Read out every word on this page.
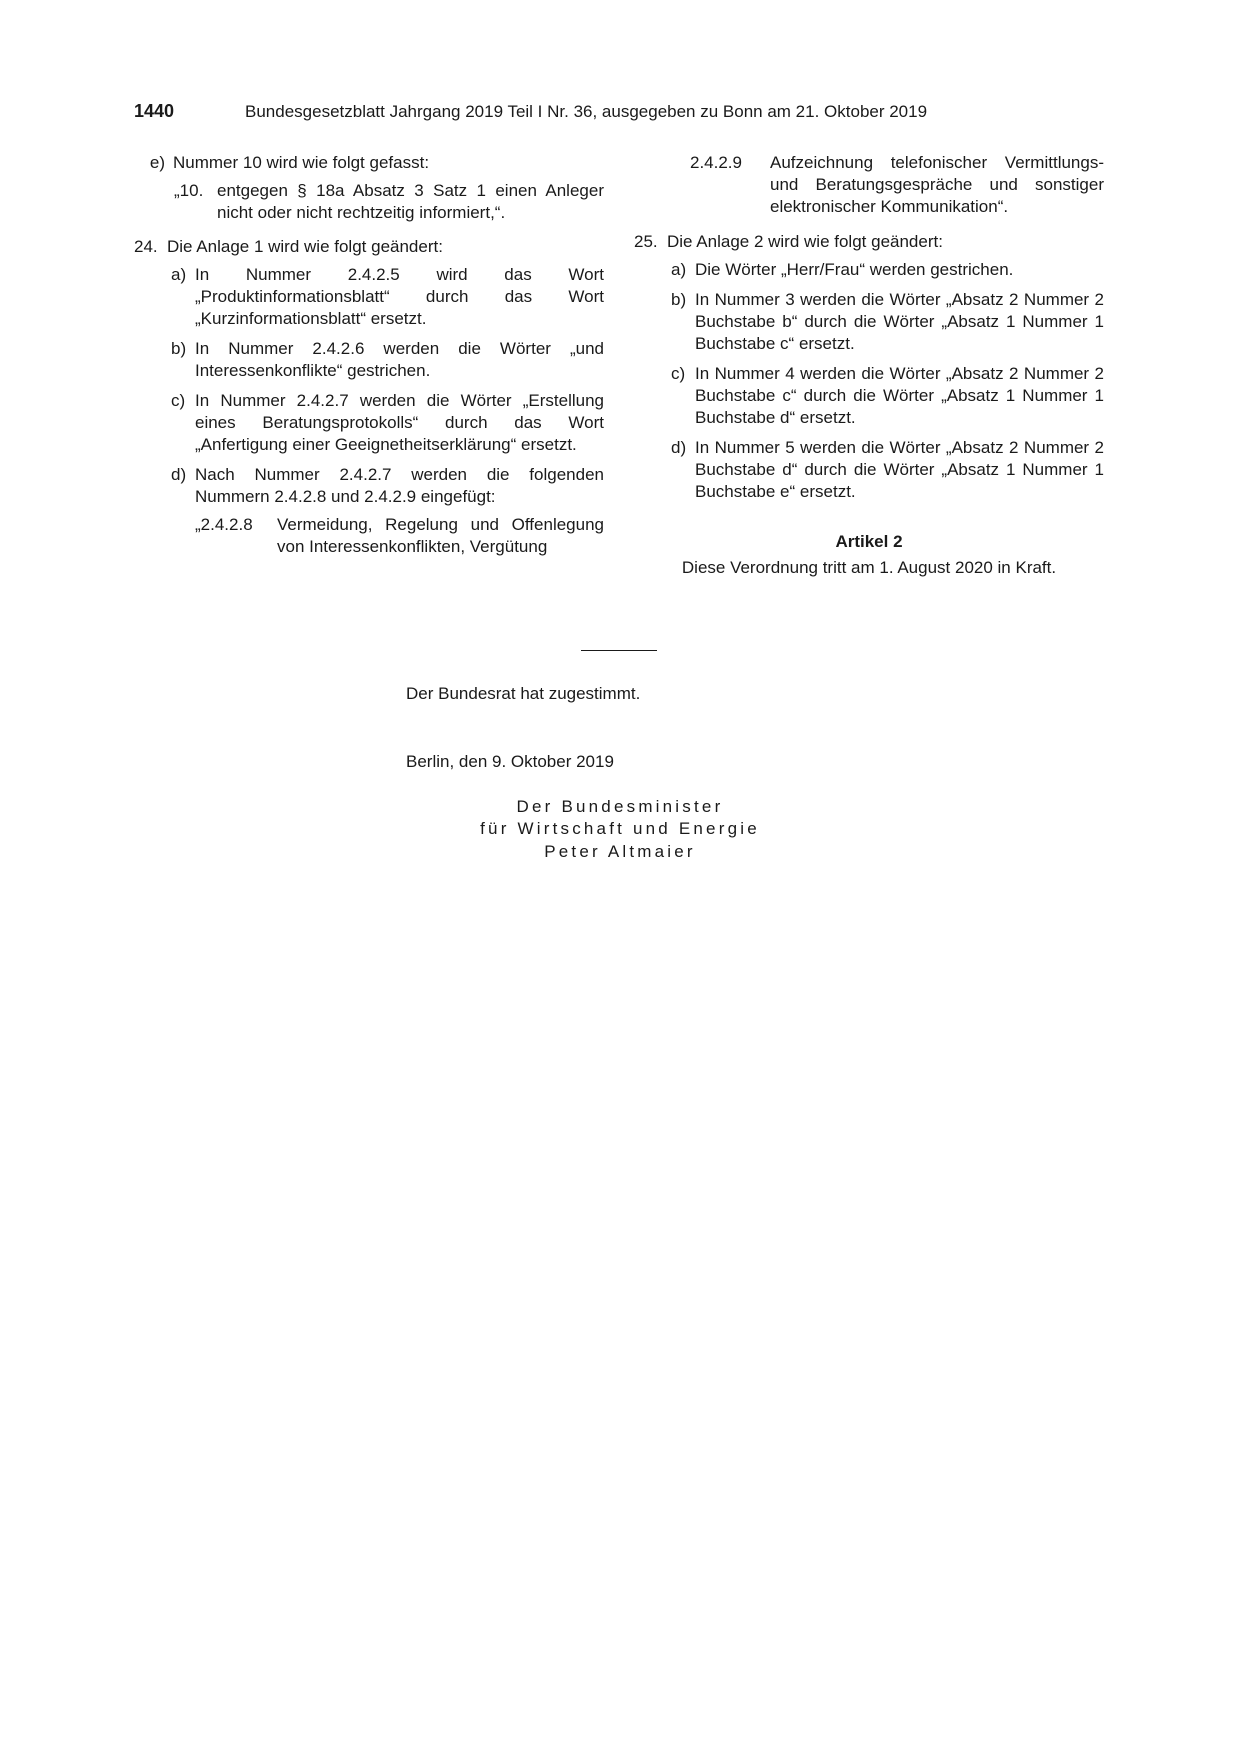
1440	Bundesgesetzblatt Jahrgang 2019 Teil I Nr. 36, ausgegeben zu Bonn am 21. Oktober 2019
e) Nummer 10 wird wie folgt gefasst:
„10. entgegen § 18a Absatz 3 Satz 1 einen Anleger nicht oder nicht rechtzeitig informiert,“.
24. Die Anlage 1 wird wie folgt geändert:
a) In Nummer 2.4.2.5 wird das Wort „Produktinformationsblatt“ durch das Wort „Kurzinformationsblatt“ ersetzt.
b) In Nummer 2.4.2.6 werden die Wörter „und Interessenkonflikte“ gestrichen.
c) In Nummer 2.4.2.7 werden die Wörter „Erstellung eines Beratungsprotokolls“ durch das Wort „Anfertigung einer Geeignetheitserklärung“ ersetzt.
d) Nach Nummer 2.4.2.7 werden die folgenden Nummern 2.4.2.8 und 2.4.2.9 eingefügt:
„2.4.2.8 Vermeidung, Regelung und Offenlegung von Interessenkonflikten, Vergütung
2.4.2.9 Aufzeichnung telefonischer Vermittlungs- und Beratungsgespräche und sonstiger elektronischer Kommunikation“.
25. Die Anlage 2 wird wie folgt geändert:
a) Die Wörter „Herr/Frau“ werden gestrichen.
b) In Nummer 3 werden die Wörter „Absatz 2 Nummer 2 Buchstabe b“ durch die Wörter „Absatz 1 Nummer 1 Buchstabe c“ ersetzt.
c) In Nummer 4 werden die Wörter „Absatz 2 Nummer 2 Buchstabe c“ durch die Wörter „Absatz 1 Nummer 1 Buchstabe d“ ersetzt.
d) In Nummer 5 werden die Wörter „Absatz 2 Nummer 2 Buchstabe d“ durch die Wörter „Absatz 1 Nummer 1 Buchstabe e“ ersetzt.
Artikel 2
Diese Verordnung tritt am 1. August 2020 in Kraft.
Der Bundesrat hat zugestimmt.
Berlin, den 9. Oktober 2019
Der Bundesminister
für Wirtschaft und Energie
Peter Altmaier
